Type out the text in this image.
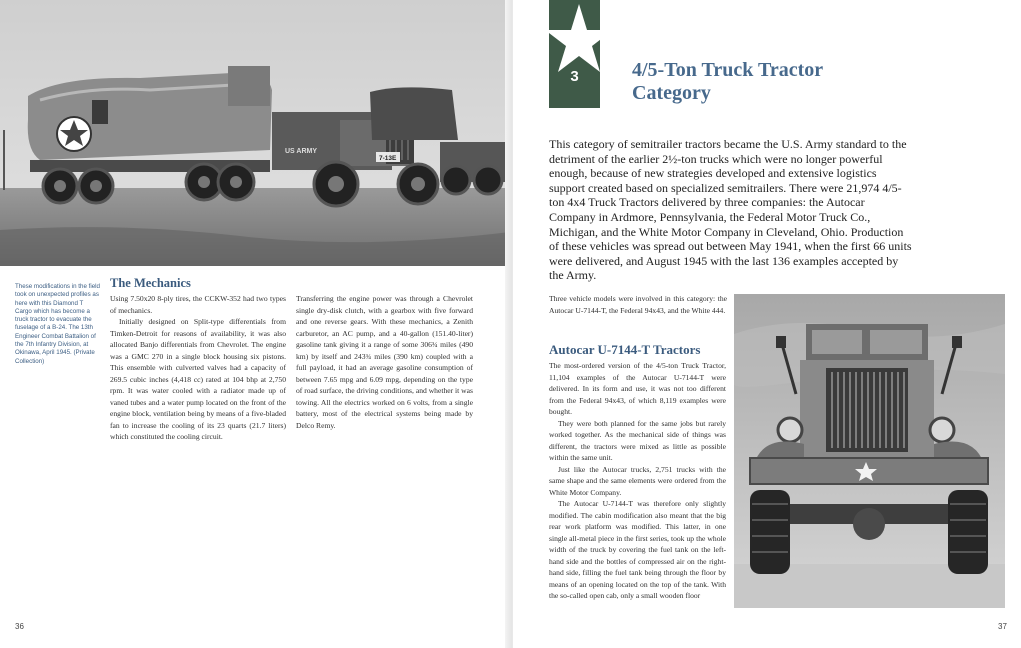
US ARMY
7-13E
These modifications in the field took on unexpected profiles as here with this Diamond T Cargo which has become a truck tractor to evacuate the fuselage of a B-24. The 13th Engineer Combat Battalion of the 7th Infantry Division, at Okinawa, April 1945. (Private Collection)
The Mechanics

Using 7.50x20 8-ply tires, the CCKW-352 had two types of mechanics.

Initially designed on Split-type differentials from Timken-Detroit for reasons of availability, it was also allocated Banjo differentials from Chevrolet. The engine was a GMC 270 in a single block housing six pistons. This ensemble with culverted valves had a capacity of 269.5 cubic inches (4,418 cc) rated at 104 bhp at 2,750 rpm. It was water cooled with a radiator made up of vaned tubes and a water pump located on the front of the engine block, ventilation being by means of a five-bladed fan to increase the cooling of its 23 quarts (21.7 liters) which constituted the cooling circuit.

Transferring the engine power was through a Chevrolet single dry-disk clutch, with a gearbox with five forward and one reverse gears. With these mechanics, a Zenith carburetor, an AC pump, and a 40-gallon (151.40-liter) gasoline tank giving it a range of some 306¾ miles (490 km) by itself and 243¾ miles (390 km) coupled with a full payload, it had an average gasoline consumption of between 7.65 mpg and 6.09 mpg, depending on the type of road surface, the driving conditions, and whether it was towing. All the electrics worked on 6 volts, from a single battery, most of the electrical systems being made by Delco Remy.

36
3	4/5-Ton Truck Tractor Category
This category of semitrailer tractors became the U.S. Army standard to the detriment of the earlier 2½-ton trucks which were no longer powerful enough, because of new strategies developed and extensive logistics support created based on specialized semitrailers. There were 21,974 4/5-ton 4x4 Truck Tractors delivered by three companies: the Autocar Company in Ardmore, Pennsylvania, the Federal Motor Truck Co., Michigan, and the White Motor Company in Cleveland, Ohio. Production of these vehicles was spread out between May 1941, when the first 66 units were delivered, and August 1945 with the last 136 examples accepted by the Army.
Three vehicle models were involved in this category: the Autocar U-7144-T, the Federal 94x43, and the White 444.
Autocar U-7144-T Tractors

The most-ordered version of the 4/5-ton Truck Tractor, 11,104 examples of the Autocar U-7144-T were delivered. In its form and use, it was not too different from the Federal 94x43, of which 8,119 examples were bought.

They were both planned for the same jobs but rarely worked together. As the mechanical side of things was different, the tractors were mixed as little as possible within the same unit.

Just like the Autocar trucks, 2,751 trucks with the same shape and the same elements were ordered from the White Motor Company.

The Autocar U-7144-T was therefore only slightly modified. The cabin modification also meant that the big rear work platform was modified. This latter, in one single all-metal piece in the first series, took up the whole width of the truck by covering the fuel tank on the left-hand side and the bottles of compressed air on the right-hand side, filling the fuel tank being through the floor by means of an opening located on the top of the tank. With the so-called open cab, only a small wooden floor

37
